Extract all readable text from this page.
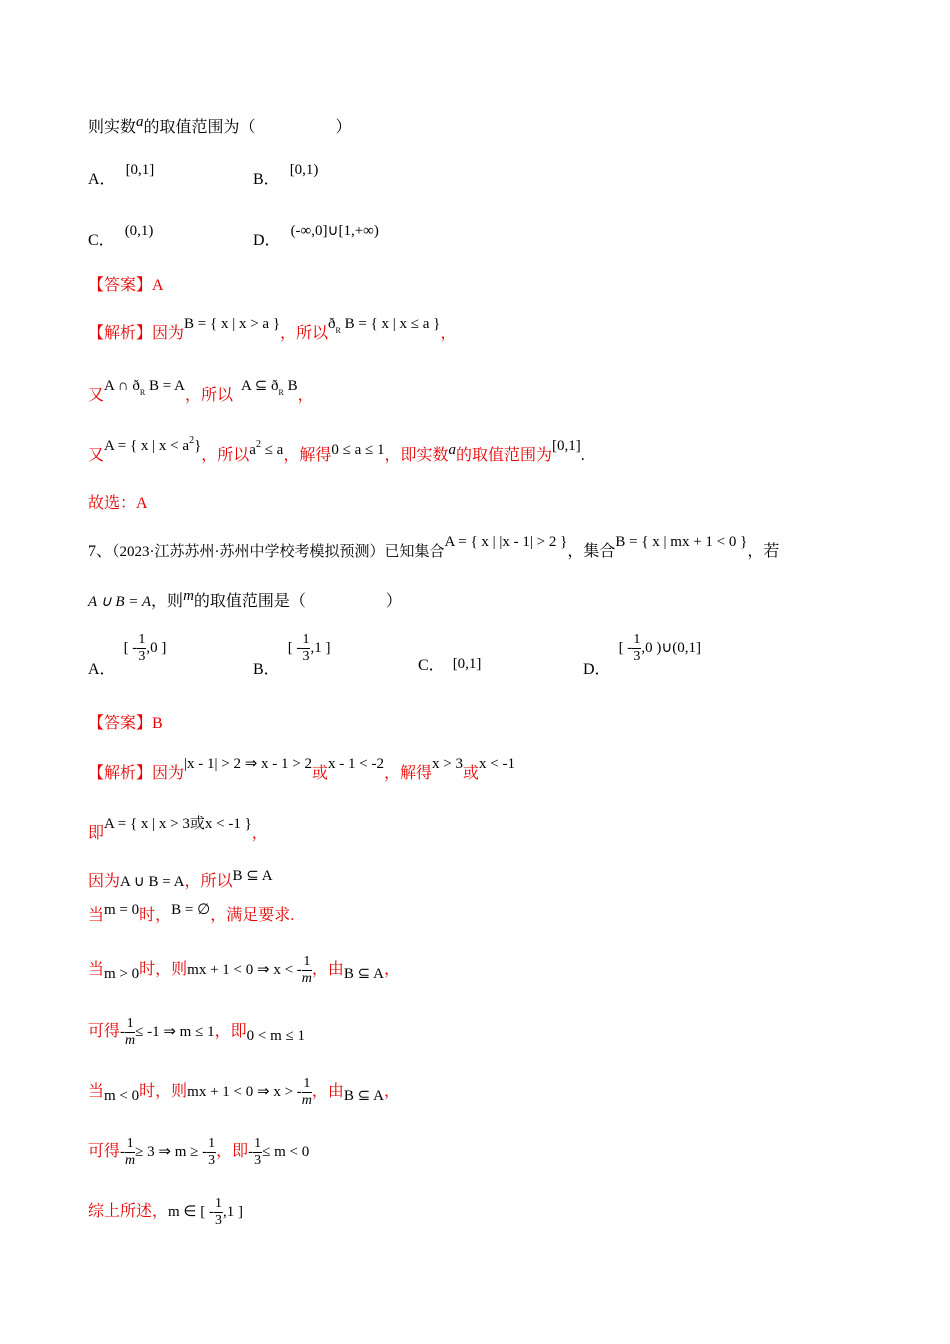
则实数a的取值范围为（　　　　　）
A． [0,1]
B． [0,1)
C． (0,1)
D． (-∞,0]∪[1,+∞)
【答案】A
【解析】因为B = { x | x > a }，所以$ð_R$ B = { x | x ≤ a }，
又A ∩ $ð_R$ B = A，所以A ⊆ $ð_R$ B，
又A = { x | $x < a^2$}，所以$a^2 \le a$，解得0 ≤ a ≤ 1，即实数a的取值范围为[0,1].
故选：A
7、（2023·江苏苏州·苏州中学校考模拟预测）已知集合A = { x | |x - 1| > 2 }，集合B = { x | mx + 1 < 0 }，若
A ∪ B = A，则m的取值范围是（　　　　　）
A． [ - $\frac{1}{3} ,0$ ]
B． [ - $\frac{1}{3} ,1$ ]
C． [0,1]	D． [ - $\frac{1}{3} ,0$ )∪(0,1]
【答案】B
【解析】因为|x - 1| > 2 ⇒ x - 1 > 2或x - 1 < -2，解得x > 3或x < -1
即A = { x | x > 3或x < -1 }，
因为A ∪ B = A，所以B ⊆ A
当m = 0时，B = ∅，满足要求.
当m > 0时，则mx + 1 < 0 ⇒ x < - $\frac{1}{m}$ ，由B ⊆ A，
可得- $\frac{1}{m} \le -1$ ⇒ m ≤ 1，即0 < m ≤ 1
当m < 0时，则mx + 1 < 0 ⇒ x > - $\frac{1}{m}$ ，由B ⊆ A，
可得- $\frac{1}{m} \ge 3$ ⇒ m ≥ - $\frac{1}{3}$ ，即- $\frac{1}{3} \le m < 0$
综上所述，m ∈ [ - $\frac{1}{3} ,1$ ]
